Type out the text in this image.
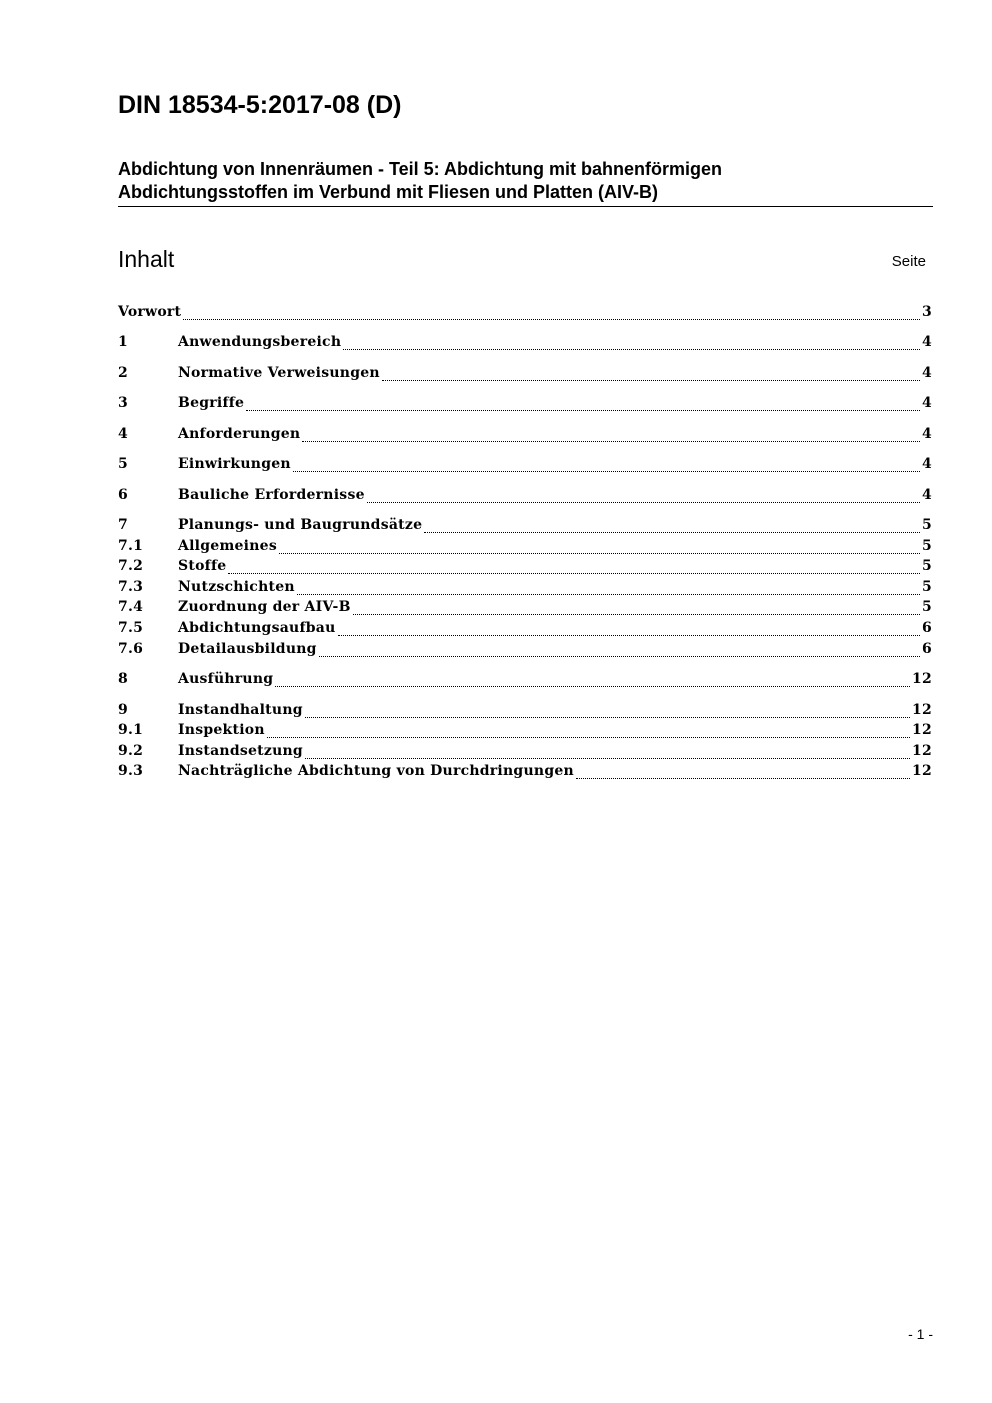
DIN 18534-5:2017-08 (D)
Abdichtung von Innenräumen - Teil 5: Abdichtung mit bahnenförmigen
Abdichtungsstoffen im Verbund mit Fliesen und Platten (AIV-B)
Inhalt	Seite
Vorwort	3
1	Anwendungsbereich	4
2	Normative Verweisungen	4
3	Begriffe	4
4	Anforderungen	4
5	Einwirkungen	4
6	Bauliche Erfordernisse	4
7	Planungs- und Baugrundsätze	5
7.1	Allgemeines	5
7.2	Stoffe	5
7.3	Nutzschichten	5
7.4	Zuordnung der AIV-B	5
7.5	Abdichtungsaufbau	6
7.6	Detailausbildung	6
8	Ausführung	12
9	Instandhaltung	12
9.1	Inspektion	12
9.2	Instandsetzung	12
9.3	Nachträgliche Abdichtung von Durchdringungen	12
- 1 -
